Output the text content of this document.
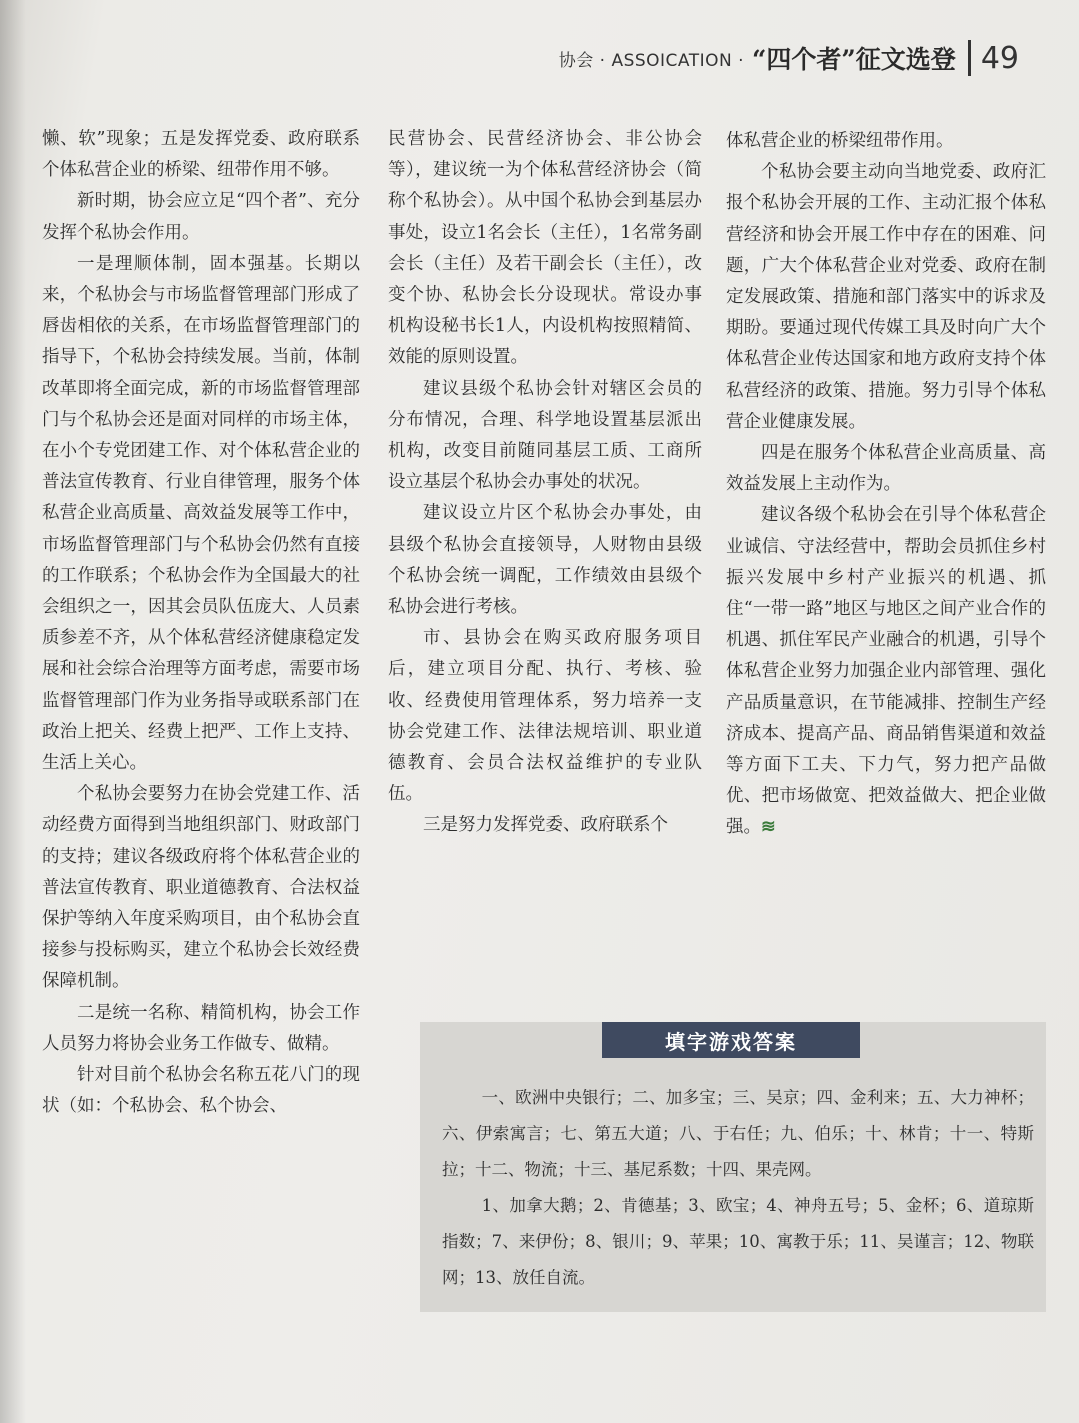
协会 · ASSOICATION · “四个者”征文选登 49

懒、软”现象；五是发挥党委、政府联系个体私营企业的桥梁、纽带作用不够。

新时期，协会应立足“四个者”、充分发挥个私协会作用。

一是理顺体制，固本强基。长期以来，个私协会与市场监督管理部门形成了唇齿相依的关系，在市场监督管理部门的指导下，个私协会持续发展。当前，体制改革即将全面完成，新的市场监督管理部门与个私协会还是面对同样的市场主体，在小个专党团建工作、对个体私营企业的普法宣传教育、行业自律管理，服务个体私营企业高质量、高效益发展等工作中，市场监督管理部门与个私协会仍然有直接的工作联系；个私协会作为全国最大的社会组织之一，因其会员队伍庞大、人员素质参差不齐，从个体私营经济健康稳定发展和社会综合治理等方面考虑，需要市场监督管理部门作为业务指导或联系部门在政治上把关、经费上把严、工作上支持、生活上关心。

个私协会要努力在协会党建工作、活动经费方面得到当地组织部门、财政部门的支持；建议各级政府将个体私营企业的普法宣传教育、职业道德教育、合法权益保护等纳入年度采购项目，由个私协会直接参与投标购买，建立个私协会长效经费保障机制。

二是统一名称、精简机构，协会工作人员努力将协会业务工作做专、做精。

针对目前个私协会名称五花八门的现状（如：个私协会、私个协会、

民营协会、民营经济协会、非公协会等），建议统一为个体私营经济协会（简称个私协会）。从中国个私协会到基层办事处，设立1名会长（主任），1名常务副会长（主任）及若干副会长（主任），改变个协、私协会长分设现状。常设办事机构设秘书长1人，内设机构按照精简、效能的原则设置。

建议县级个私协会针对辖区会员的分布情况，合理、科学地设置基层派出机构，改变目前随同基层工质、工商所设立基层个私协会办事处的状况。

建议设立片区个私协会办事处，由县级个私协会直接领导，人财物由县级个私协会统一调配，工作绩效由县级个私协会进行考核。

市、县协会在购买政府服务项目后，建立项目分配、执行、考核、验收、经费使用管理体系，努力培养一支协会党建工作、法律法规培训、职业道德教育、会员合法权益维护的专业队伍。

三是努力发挥党委、政府联系个

体私营企业的桥梁纽带作用。

个私协会要主动向当地党委、政府汇报个私协会开展的工作、主动汇报个体私营经济和协会开展工作中存在的困难、问题，广大个体私营企业对党委、政府在制定发展政策、措施和部门落实中的诉求及期盼。要通过现代传媒工具及时向广大个体私营企业传达国家和地方政府支持个体私营经济的政策、措施。努力引导个体私营企业健康发展。

四是在服务个体私营企业高质量、高效益发展上主动作为。

建议各级个私协会在引导个体私营企业诚信、守法经营中，帮助会员抓住乡村振兴发展中乡村产业振兴的机遇、抓住“一带一路”地区与地区之间产业合作的机遇、抓住军民产业融合的机遇，引导个体私营企业努力加强企业内部管理、强化产品质量意识，在节能减排、控制生产经济成本、提高产品、商品销售渠道和效益等方面下工夫、下力气，努力把产品做优、把市场做宽、把效益做大、把企业做强。≋

填字游戏答案

一、欧洲中央银行；二、加多宝；三、吴京；四、金利来；五、大力神杯；六、伊索寓言；七、第五大道；八、于右任；九、伯乐；十、林肯；十一、特斯拉；十二、物流；十三、基尼系数；十四、果壳网。

1、加拿大鹅；2、肯德基；3、欧宝；4、神舟五号；5、金杯；6、道琼斯指数；7、来伊份；8、银川；9、苹果；10、寓教于乐；11、吴谨言；12、物联网；13、放任自流。
